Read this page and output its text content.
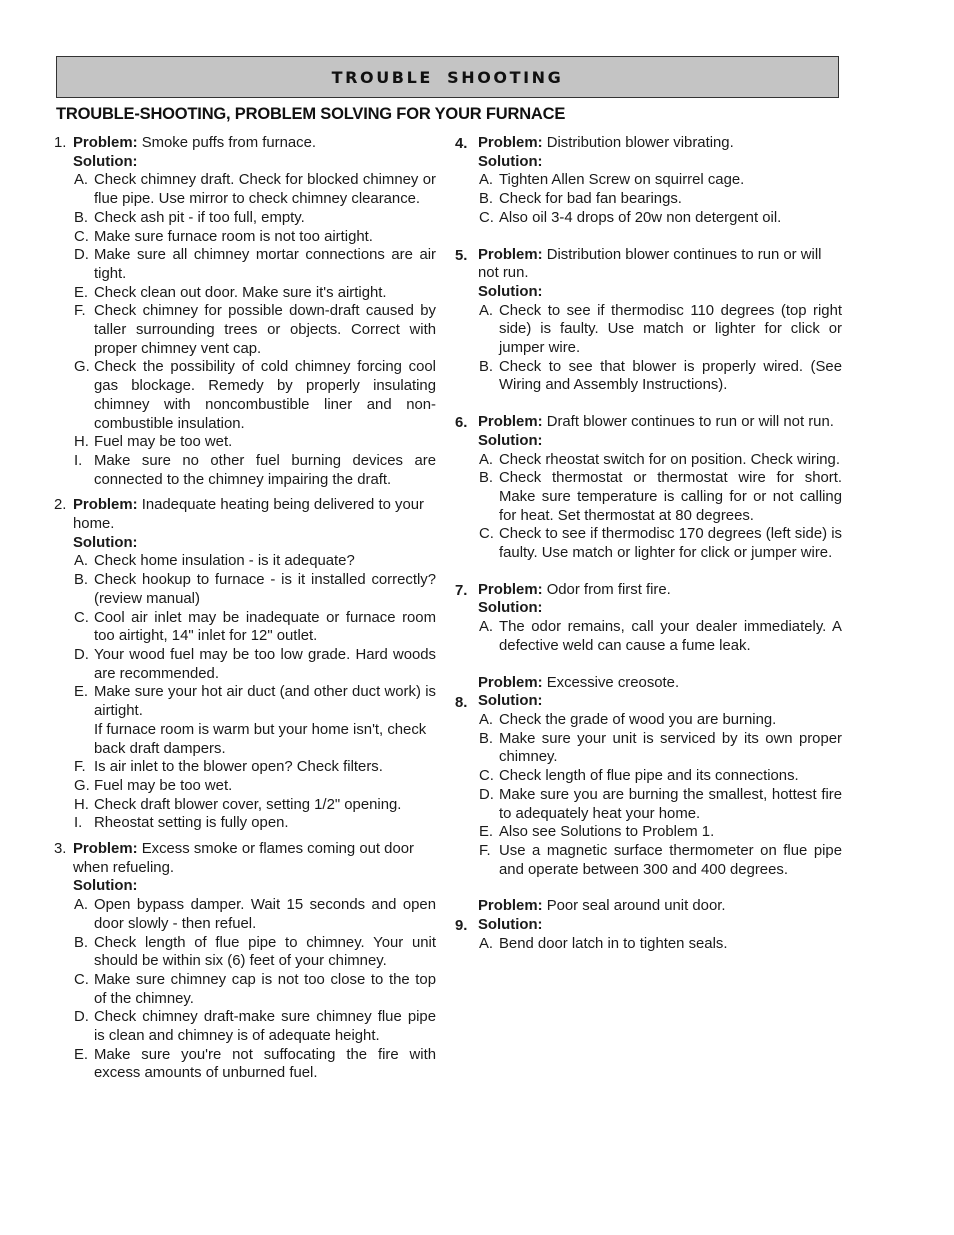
TROUBLE SHOOTING
TROUBLE-SHOOTING, PROBLEM SOLVING FOR YOUR FURNACE
1. Problem: Smoke puffs from furnace.
Solution:
A. Check chimney draft. Check for blocked chimney or flue pipe. Use mirror to check chimney clearance.
B. Check ash pit - if too full, empty.
C. Make sure furnace room is not too airtight.
D. Make sure all chimney mortar connections are air tight.
E. Check clean out door. Make sure it's airtight.
F. Check chimney for possible down-draft caused by taller surrounding trees or objects. Correct with proper chimney vent cap.
G. Check the possibility of cold chimney forcing cool gas blockage. Remedy by properly insulating chimney with noncombustible liner and non- combustible insulation.
H. Fuel may be too wet.
I. Make sure no other fuel burning devices are connected to the chimney impairing the draft.
2. Problem: Inadequate heating being delivered to your home.
Solution:
A. Check home insulation - is it adequate?
B. Check hookup to furnace - is it installed correctly? (review manual)
C. Cool air inlet may be inadequate or furnace room too airtight, 14" inlet for 12" outlet.
D. Your wood fuel may be too low grade. Hard woods are recommended.
E. Make sure your hot air duct (and other duct work) is airtight.
If furnace room is warm but your home isn't, check back draft dampers.
F. Is air inlet to the blower open? Check filters.
G. Fuel may be too wet.
H. Check draft blower cover, setting 1/2" opening.
I. Rheostat setting is fully open.
3. Problem: Excess smoke or flames coming out door when refueling.
Solution:
A. Open bypass damper. Wait 15 seconds and open door slowly - then refuel.
B. Check length of flue pipe to chimney. Your unit should be within six (6) feet of your chimney.
C. Make sure chimney cap is not too close to the top of the chimney.
D. Check chimney draft-make sure chimney flue pipe is clean and chimney is of adequate height.
E. Make sure you're not suffocating the fire with excess amounts of unburned fuel.
4. Problem: Distribution blower vibrating.
Solution:
A. Tighten Allen Screw on squirrel cage.
B. Check for bad fan bearings.
C. Also oil 3-4 drops of 20w non detergent oil.
5. Problem: Distribution blower continues to run or will not run.
Solution:
A. Check to see if thermodisc 110 degrees (top right side) is faulty. Use match or lighter for click or jumper wire.
B. Check to see that blower is properly wired. (See Wiring and Assembly Instructions).
6. Problem: Draft blower continues to run or will not run.
Solution:
A. Check rheostat switch for on position. Check wiring.
B. Check thermostat or thermostat wire for short. Make sure temperature is calling for or not calling for heat. Set thermostat at 80 degrees.
C. Check to see if thermodisc 170 degrees (left side) is faulty. Use match or lighter for click or jumper wire.
7. Problem: Odor from first fire.
Solution:
A. The odor remains, call your dealer immediately. A defective weld can cause a fume leak.
8.
Problem: Excessive creosote.
Solution:
A. Check the grade of wood you are burning.
B. Make sure your unit is serviced by its own proper chimney.
C. Check length of flue pipe and its connections.
D. Make sure you are burning the smallest, hottest fire to adequately heat your home.
E. Also see Solutions to Problem 1.
F. Use a magnetic surface thermometer on flue pipe and operate between 300 and 400 degrees.
9.
Problem: Poor seal around unit door.
Solution:
A. Bend door latch in to tighten seals.
